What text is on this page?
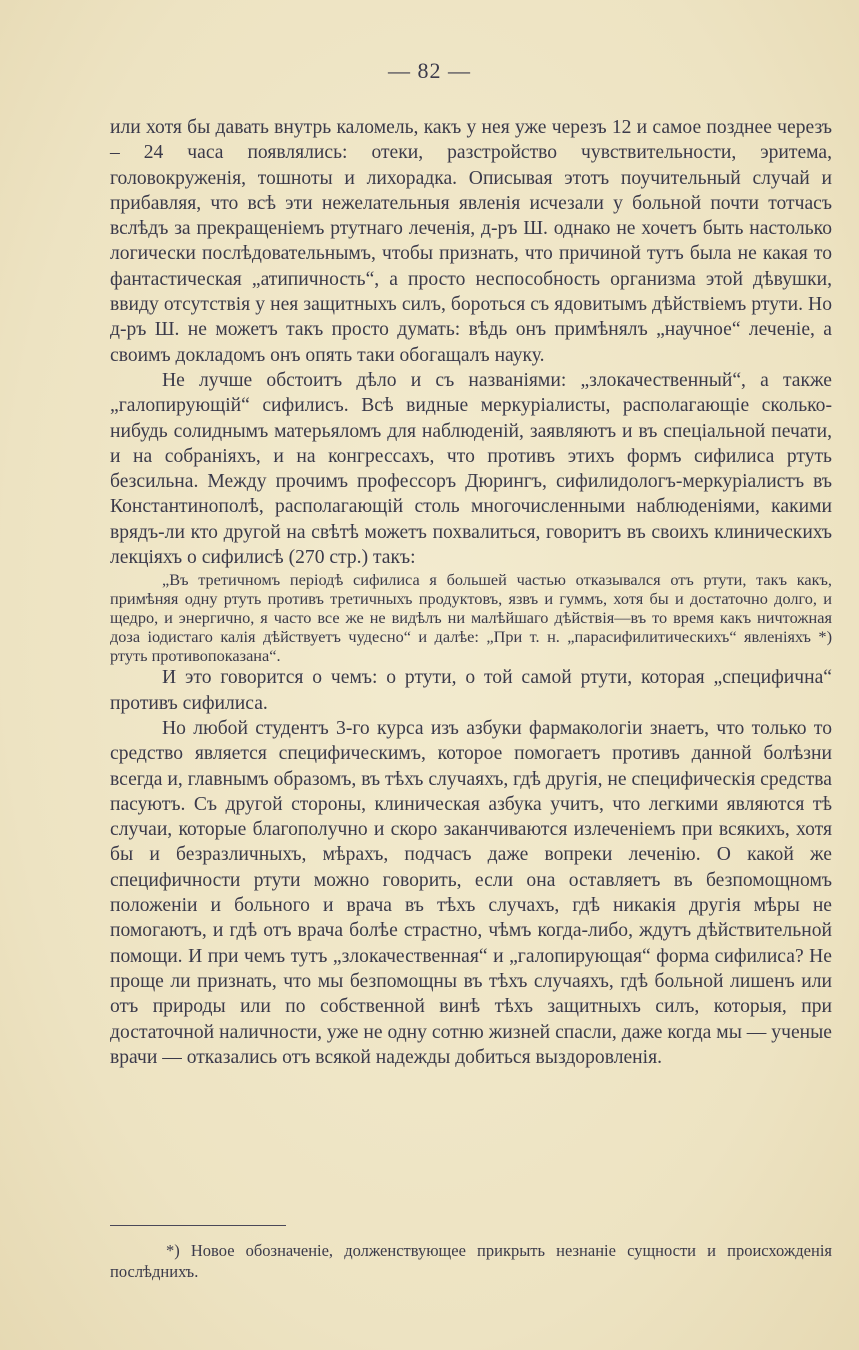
— 82 —

или хотя бы давать внутрь каломель, какъ у нея уже черезъ 12 и самое позднее черезъ – 24 часа появлялись: отеки, разстройство чувствительности, эритема, головокруженія, тошноты и лихорадка. Описывая этотъ поучительный случай и прибавляя, что всѣ эти нежелательныя явленія исчезали у больной почти тотчасъ вслѣдъ за прекращеніемъ ртутнаго леченія, д-ръ Ш. однако не хочетъ быть настолько логически послѣдовательнымъ, чтобы признать, что причиной тутъ была не какая то фантастическая „атипичность“, а просто неспособность организма этой дѣвушки, ввиду отсутствія у нея защитныхъ силъ, бороться съ ядовитымъ дѣйствіемъ ртути. Но д-ръ Ш. не можетъ такъ просто думать: вѣдь онъ примѣнялъ „научное“ леченіе, а своимъ докладомъ онъ опять таки обогащалъ науку.

Не лучше обстоитъ дѣло и съ названіями: „злокачественный“, а также „галопирующій“ сифилисъ. Всѣ видные меркуріалисты, располагающіе сколько-нибудь солиднымъ матерьяломъ для наблюденій, заявляютъ и въ спеціальной печати, и на собраніяхъ, и на конгрессахъ, что противъ этихъ формъ сифилиса ртуть безсильна. Между прочимъ профессоръ Дюрингъ, сифилидологъ-меркуріалистъ въ Константинополѣ, располагающій столь многочисленными наблюденіями, какими врядъ-ли кто другой на свѣтѣ можетъ похвалиться, говоритъ въ своихъ клиническихъ лекціяхъ о сифилисѣ (270 стр.) такъ:

„Въ третичномъ періодѣ сифилиса я большей частью отказывался отъ ртути, такъ какъ, примѣняя одну ртуть противъ третичныхъ продуктовъ, язвъ и гуммъ, хотя бы и достаточно долго, и щедро, и энергично, я часто все же не видѣлъ ни малѣйшаго дѣйствія—въ то время какъ ничтожная доза іодистаго калія дѣйствуетъ чудесно“ и далѣе: „При т. н. „парасифилитическихъ“ явленіяхъ *) ртуть противопоказана“.

И это говорится о чемъ: о ртути, о той самой ртути, которая „специфична“ противъ сифилиса.

Но любой студентъ 3-го курса изъ азбуки фармакологіи знаетъ, что только то средство является специфическимъ, которое помогаетъ противъ данной болѣзни всегда и, главнымъ образомъ, въ тѣхъ случаяхъ, гдѣ другія, не специфическія средства пасуютъ. Съ другой стороны, клиническая азбука учитъ, что легкими являются тѣ случаи, которые благополучно и скоро заканчиваются излеченіемъ при всякихъ, хотя бы и безразличныхъ, мѣрахъ, подчасъ даже вопреки леченію. О какой же специфичности ртути можно говорить, если она оставляетъ въ безпомощномъ положеніи и больного и врача въ тѣхъ случахъ, гдѣ никакія другія мѣры не помогаютъ, и гдѣ отъ врача болѣе страстно, чѣмъ когда-либо, ждутъ дѣйствительной помощи. И при чемъ тутъ „злокачественная“ и „галопирующая“ форма сифилиса? Не проще ли признать, что мы безпомощны въ тѣхъ случаяхъ, гдѣ больной лишенъ или отъ природы или по собственной винѣ тѣхъ защитныхъ силъ, которыя, при достаточной наличности, уже не одну сотню жизней спасли, даже когда мы — ученые врачи — отказались отъ всякой надежды добиться выздоровленія.

*) Новое обозначеніе, долженствующее прикрыть незнаніе сущности и происхожденія послѣднихъ.
